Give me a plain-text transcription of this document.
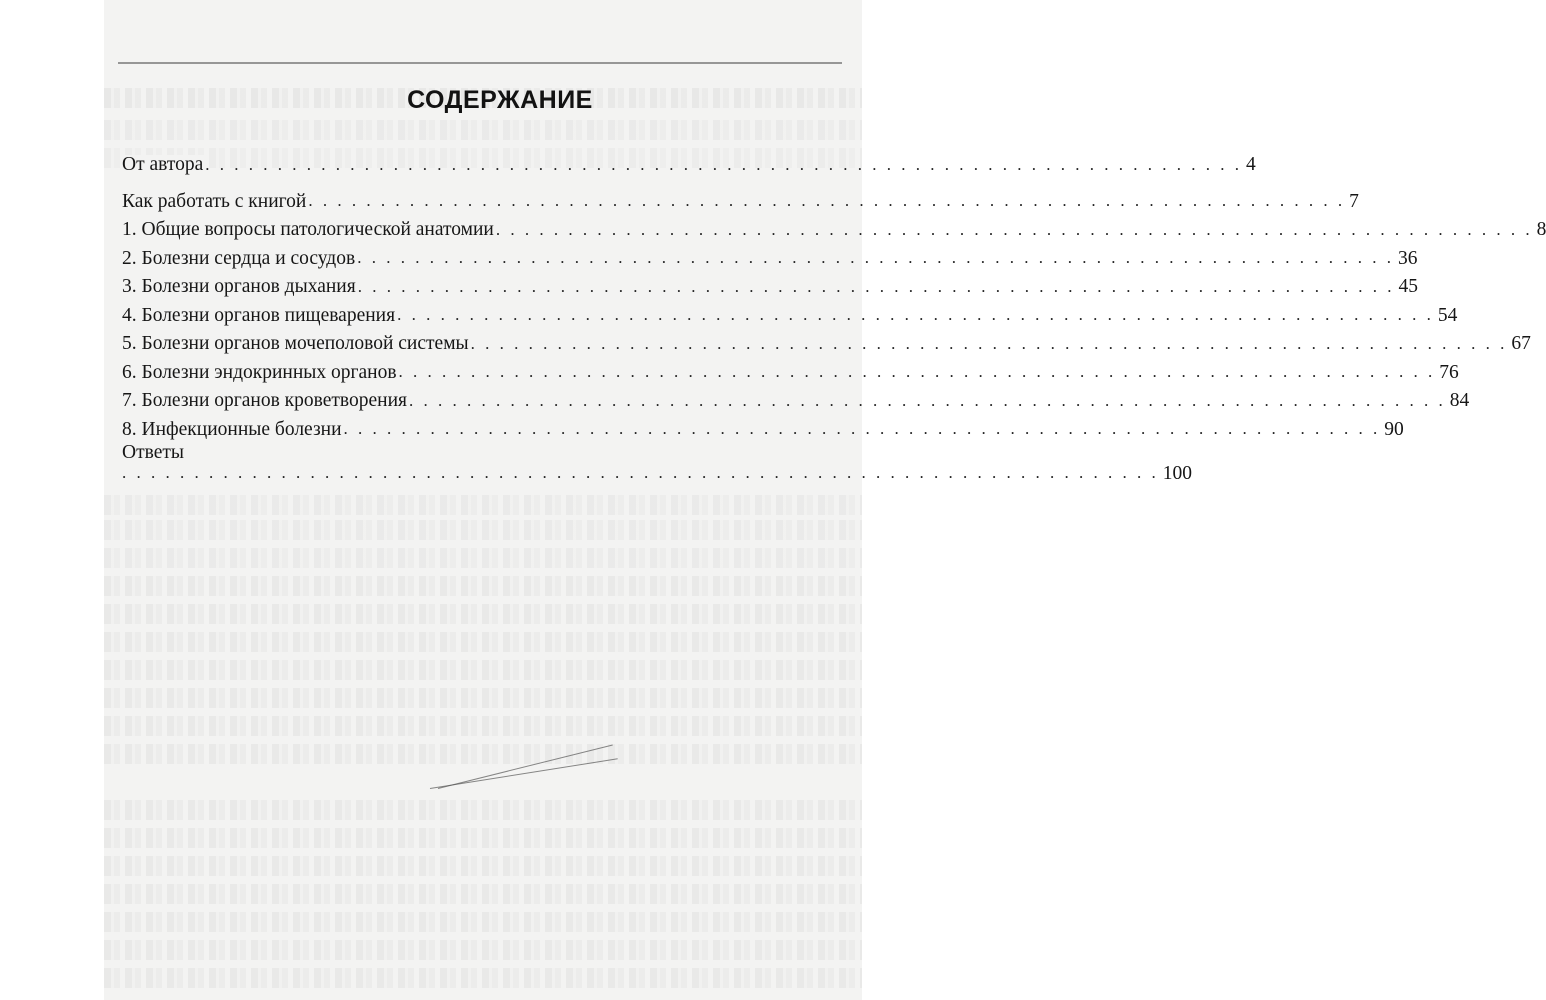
СОДЕРЖАНИЕ
От автора . . . . . . . . . . . . . . . . . . . . . . . . . . . . . . . . . . . . . . . . . . . . . . . . . . . . . . . . . . . . . . . . . . . . . . . . 4
Как работать с книгой . . . . . . . . . . . . . . . . . . . . . . . . . . . . . . . . . . . . . . . . . . . . . . . . . . . . . . . . . . . . . . . . . . . . . . . . 7
1. Общие вопросы патологической анатомии . . . . . . . . . . . . . . . . . . . . . . . . . . . . . . . . . . . . . . . . . . . . . . . . . . . . . . . . . . . . . . . . . . . . . . . . 8
2. Болезни сердца и сосудов . . . . . . . . . . . . . . . . . . . . . . . . . . . . . . . . . . . . . . . . . . . . . . . . . . . . . . . . . . . . . . . . . . . . . . . . 36
3. Болезни органов дыхания . . . . . . . . . . . . . . . . . . . . . . . . . . . . . . . . . . . . . . . . . . . . . . . . . . . . . . . . . . . . . . . . . . . . . . . . 45
4. Болезни органов пищеварения . . . . . . . . . . . . . . . . . . . . . . . . . . . . . . . . . . . . . . . . . . . . . . . . . . . . . . . . . . . . . . . . . . . . . . . . 54
5. Болезни органов мочеполовой системы . . . . . . . . . . . . . . . . . . . . . . . . . . . . . . . . . . . . . . . . . . . . . . . . . . . . . . . . . . . . . . . . . . . . . . . . 67
6. Болезни эндокринных органов . . . . . . . . . . . . . . . . . . . . . . . . . . . . . . . . . . . . . . . . . . . . . . . . . . . . . . . . . . . . . . . . . . . . . . . . 76
7. Болезни органов кроветворения . . . . . . . . . . . . . . . . . . . . . . . . . . . . . . . . . . . . . . . . . . . . . . . . . . . . . . . . . . . . . . . . . . . . . . . . 84
8. Инфекционные болезни . . . . . . . . . . . . . . . . . . . . . . . . . . . . . . . . . . . . . . . . . . . . . . . . . . . . . . . . . . . . . . . . . . . . . . . . 90
Ответы
. . . . . . . . . . . . . . . . . . . . . . . . . . . . . . . . . . . . . . . . . . . . . . . . . . . . . . . . . . . . . . . . . . . . . . . . 100
